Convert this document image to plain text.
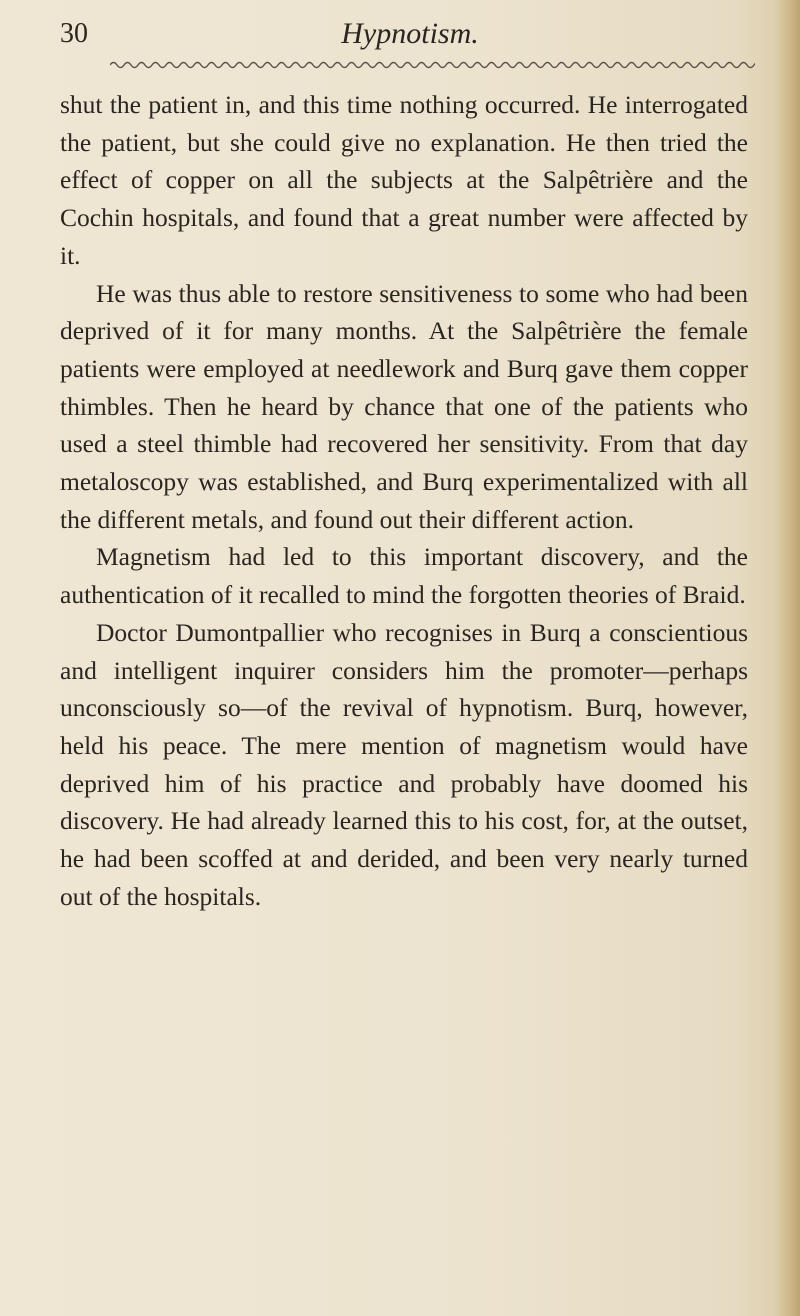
30	Hypnotism.

shut the patient in, and this time nothing occurred. He interrogated the patient, but she could give no explanation. He then tried the effect of copper on all the subjects at the Salpêtrière and the Cochin hospitals, and found that a great number were affected by it.

He was thus able to restore sensitiveness to some who had been deprived of it for many months. At the Salpêtrière the female patients were employed at needlework and Burq gave them copper thimbles. Then he heard by chance that one of the patients who used a steel thimble had recovered her sensitivity. From that day metaloscopy was established, and Burq experimentalized with all the different metals, and found out their different action.

Magnetism had led to this important discovery, and the authentication of it recalled to mind the forgotten theories of Braid.

Doctor Dumontpallier who recognises in Burq a conscientious and intelligent inquirer considers him the promoter—perhaps unconsciously so—of the revival of hypnotism. Burq, however, held his peace. The mere mention of magnetism would have deprived him of his practice and probably have doomed his discovery. He had already learned this to his cost, for, at the outset, he had been scoffed at and derided, and been very nearly turned out of the hospitals.
